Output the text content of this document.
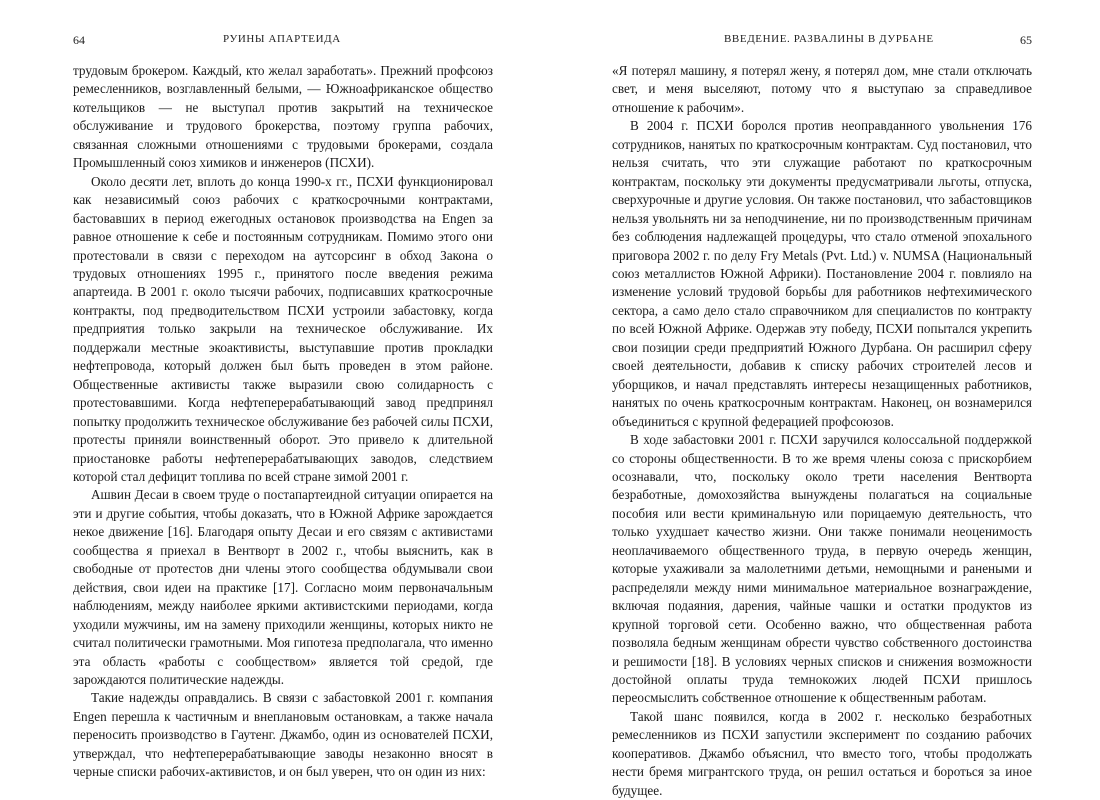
64	РУИНЫ АПАРТЕИДА

трудовым брокером. Каждый, кто желал заработать». Прежний профсоюз ремесленников, возглавленный белыми, — Южноафриканское общество котельщиков — не выступал против закрытий на техническое обслуживание и трудового брокерства, поэтому группа рабочих, связанная сложными отношениями с трудовыми брокерами, создала Промышленный союз химиков и инженеров (ПСХИ).

Около десяти лет, вплоть до конца 1990-х гг., ПСХИ функционировал как независимый союз рабочих с краткосрочными контрактами, бастовавших в период ежегодных остановок производства на Engen за равное отношение к себе и постоянным сотрудникам. Помимо этого они протестовали в связи с переходом на аутсорсинг в обход Закона о трудовых отношениях 1995 г., принятого после введения режима апартеида. В 2001 г. около тысячи рабочих, подписавших краткосрочные контракты, под предводительством ПСХИ устроили забастовку, когда предприятия только закрыли на техническое обслуживание. Их поддержали местные экоактивисты, выступавшие против прокладки нефтепровода, который должен был быть проведен в этом районе. Общественные активисты также выразили свою солидарность с протестовавшими. Когда нефтеперерабатывающий завод предпринял попытку продолжить техническое обслуживание без рабочей силы ПСХИ, протесты приняли воинственный оборот. Это привело к длительной приостановке работы нефтеперерабатывающих заводов, следствием которой стал дефицит топлива по всей стране зимой 2001 г.

Ашвин Десаи в своем труде о постапартеидной ситуации опирается на эти и другие события, чтобы доказать, что в Южной Африке зарождается некое движение [16]. Благодаря опыту Десаи и его связям с активистами сообщества я приехал в Вентворт в 2002 г., чтобы выяснить, как в свободные от протестов дни члены этого сообщества обдумывали свои действия, свои идеи на практике [17]. Согласно моим первоначальным наблюдениям, между наиболее яркими активистскими периодами, когда уходили мужчины, им на замену приходили женщины, которых никто не считал политически грамотными. Моя гипотеза предполагала, что именно эта область «работы с сообществом» является той средой, где зарождаются политические надежды.

Такие надежды оправдались. В связи с забастовкой 2001 г. компания Engen перешла к частичным и внеплановым остановкам, а также начала переносить производство в Гаутенг. Джамбо, один из основателей ПСХИ, утверждал, что нефтеперерабатывающие заводы незаконно вносят в черные списки рабочих-активистов, и он был уверен, что он один из них:

ВВЕДЕНИЕ. РАЗВАЛИНЫ В ДУРБАНЕ	65

«Я потерял машину, я потерял жену, я потерял дом, мне стали отключать свет, и меня выселяют, потому что я выступаю за справедливое отношение к рабочим».

В 2004 г. ПСХИ боролся против неоправданного увольнения 176 сотрудников, нанятых по краткосрочным контрактам. Суд постановил, что нельзя считать, что эти служащие работают по краткосрочным контрактам, поскольку эти документы предусматривали льготы, отпуска, сверхурочные и другие условия. Он также постановил, что забастовщиков нельзя увольнять ни за неподчинение, ни по производственным причинам без соблюдения надлежащей процедуры, что стало отменой эпохального приговора 2002 г. по делу Fry Metals (Pvt. Ltd.) v. NUMSA (Национальный союз металлистов Южной Африки). Постановление 2004 г. повлияло на изменение условий трудовой борьбы для работников нефтехимического сектора, а само дело стало справочником для специалистов по контракту по всей Южной Африке. Одержав эту победу, ПСХИ попытался укрепить свои позиции среди предприятий Южного Дурбана. Он расширил сферу своей деятельности, добавив к списку рабочих строителей лесов и уборщиков, и начал представлять интересы незащищенных работников, нанятых по очень краткосрочным контрактам. Наконец, он вознамерился объединиться с крупной федерацией профсоюзов.

В ходе забастовки 2001 г. ПСХИ заручился колоссальной поддержкой со стороны общественности. В то же время члены союза с прискорбием осознавали, что, поскольку около трети населения Вентворта безработные, домохозяйства вынуждены полагаться на социальные пособия или вести криминальную или порицаемую деятельность, что только ухудшает качество жизни. Они также понимали неоценимость неоплачиваемого общественного труда, в первую очередь женщин, которые ухаживали за малолетними детьми, немощными и ранеными и распределяли между ними минимальное материальное вознаграждение, включая подаяния, дарения, чайные чашки и остатки продуктов из крупной торговой сети. Особенно важно, что общественная работа позволяла бедным женщинам обрести чувство собственного достоинства и решимости [18]. В условиях черных списков и снижения возможности достойной оплаты труда темнокожих людей ПСХИ пришлось переосмыслить собственное отношение к общественным работам.

Такой шанс появился, когда в 2002 г. несколько безработных ремесленников из ПСХИ запустили эксперимент по созданию рабочих кооперативов. Джамбо объяснил, что вместо того, чтобы продолжать нести бремя мигрантского труда, он решил остаться и бороться за иное будущее.
